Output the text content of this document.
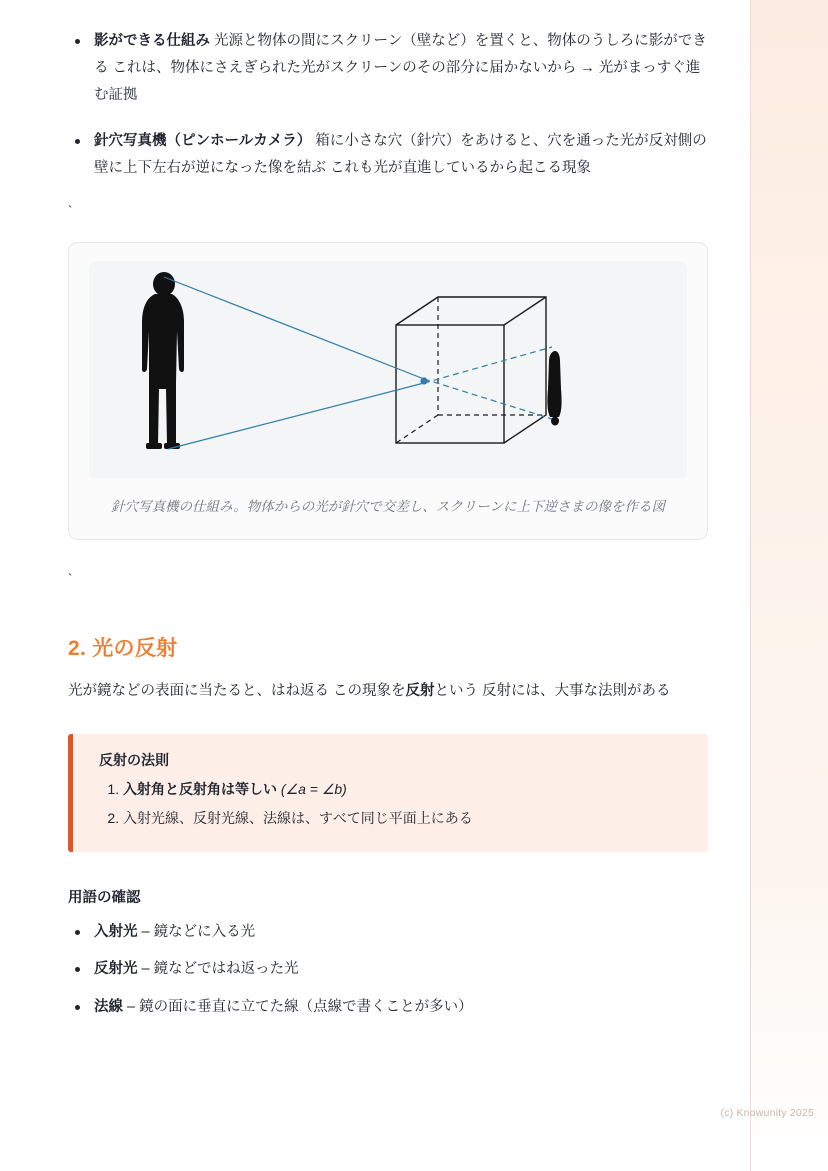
影ができる仕組み 光源と物体の間にスクリーン（壁など）を置くと、物体のうしろに影ができる これは、物体にさえぎられた光がスクリーンのその部分に届かないから → 光がまっすぐ進む証拠
針穴写真機（ピンホールカメラ） 箱に小さな穴（針穴）をあけると、穴を通った光が反対側の壁に上下左右が逆になった像を結ぶ これも光が直進しているから起こる現象

`

針穴写真機の仕組み。物体からの光が針穴で交差し、スクリーンに上下逆さまの像を作る図

`

2. 光の反射

光が鏡などの表面に当たると、はね返る この現象を反射という 反射には、大事な法則がある

反射の法則
1. 入射角と反射角は等しい (∠a = ∠b)
2. 入射光線、反射光線、法線は、すべて同じ平面上にある
用語の確認
入射光 – 鏡などに入る光
反射光 – 鏡などではね返った光
法線 – 鏡の面に垂直に立てた線（点線で書くことが多い）
(c) Knowunity 2025
